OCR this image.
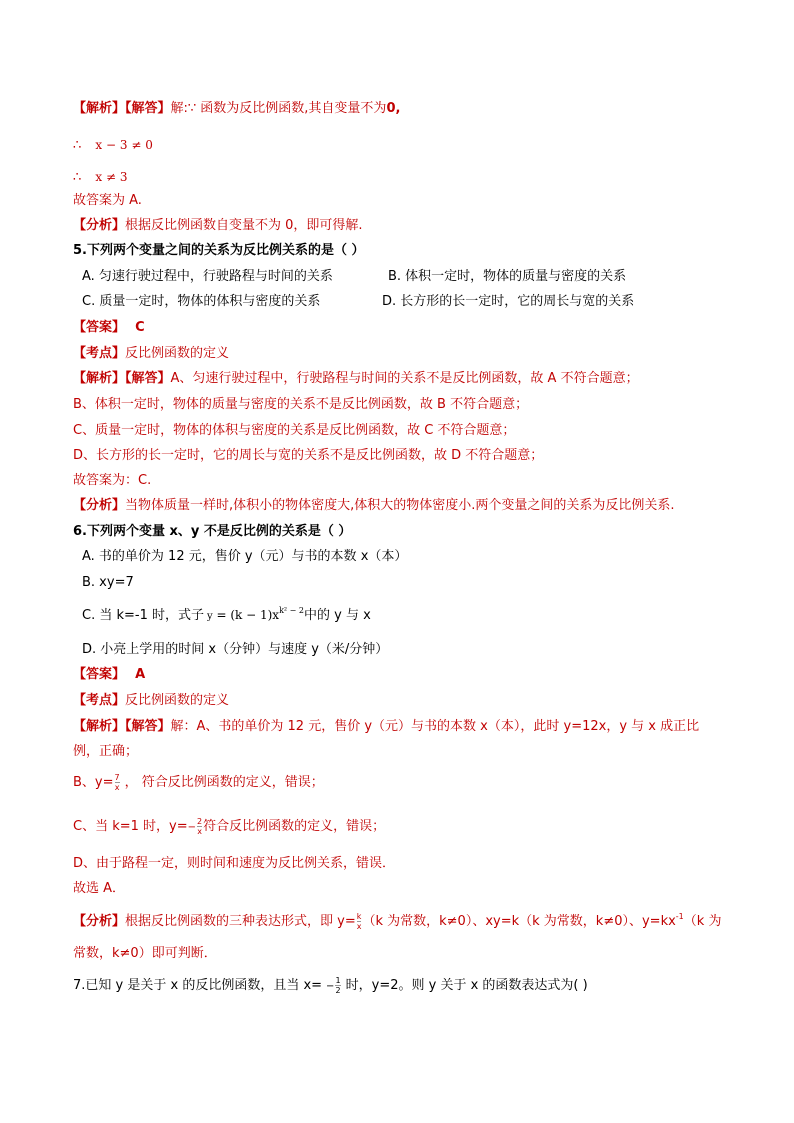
【解析】【解答】解:∵ 函数为反比例函数,其自变量不为0,
∴ x − 3 ≠ 0
∴ x ≠ 3
故答案为 A.
【分析】根据反比例函数自变量不为 0，即可得解.
5.下列两个变量之间的关系为反比例关系的是（ ）
A. 匀速行驶过程中，行驶路程与时间的关系	B. 体积一定时，物体的质量与密度的关系
C. 质量一定时，物体的体积与密度的关系	D. 长方形的长一定时，它的周长与宽的关系
【答案】 C
【考点】反比例函数的定义
【解析】【解答】A、匀速行驶过程中，行驶路程与时间的关系不是反比例函数，故 A 不符合题意；
B、体积一定时，物体的质量与密度的关系不是反比例函数，故 B 不符合题意；
C、质量一定时，物体的体积与密度的关系是反比例函数，故 C 不符合题意；
D、长方形的长一定时，它的周长与宽的关系不是反比例函数，故 D 不符合题意；
故答案为：C.
【分析】当物体质量一样时,体积小的物体密度大,体积大的物体密度小.两个变量之间的关系为反比例关系.
6.下列两个变量 x、y 不是反比例的关系是（ ）
A. 书的单价为 12 元，售价 y（元）与书的本数 x（本）
B. xy=7
C. 当 k=-1 时，式子 $y = (k - 1)x^{k^2 - 2}$中的 y 与 x
D. 小亮上学用的时间 x（分钟）与速度 y（米/分钟）
【答案】 A
【考点】反比例函数的定义
【解析】【解答】解：A、书的单价为 12 元，售价 y（元）与书的本数 x（本），此时 y=12x，y 与 x 成正比
例，正确；
B、$y= \frac{7}{x}$ ， 符合反比例函数的定义，错误；
C、当 k=1 时，$y=- \frac{2}{x}$ 符合反比例函数的定义，错误；
D、由于路程一定，则时间和速度为反比例关系，错误．
故选 A．
【分析】根据反比例函数的三种表达形式，即 $y= \frac{k}{x} (k$ 为常数，k≠0）、xy=k（k 为常数，k≠0）、$y=kx^{-1}(k$ 为
常数，k≠0）即可判断．
7.已知 y 是关于 x 的反比例函数，且当 $x= - \frac{1}{2}$ 时，y=2。则 y 关于 x 的函数表达式为( )
